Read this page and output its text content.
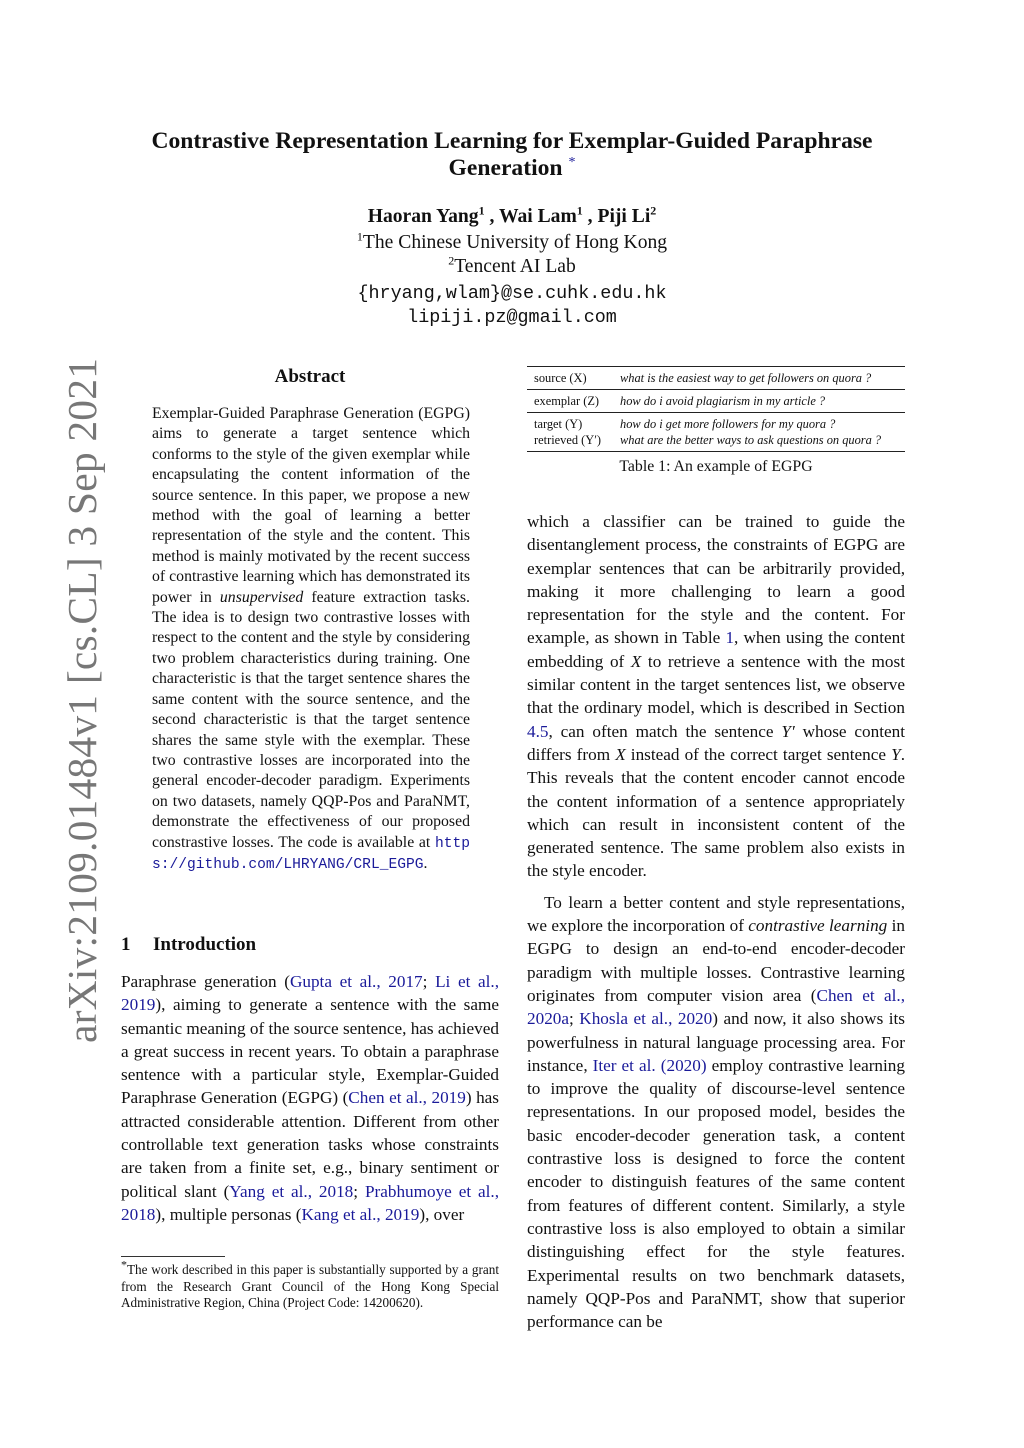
arXiv:2109.01484v1 [cs.CL] 3 Sep 2021
Contrastive Representation Learning for Exemplar-Guided Paraphrase
Generation *
Haoran Yang$^1$ , Wai Lam$^1$ , Piji Li$^2$
$^1$The Chinese University of Hong Kong
$^2$Tencent AI Lab
{hryang,wlam}@se.cuhk.edu.hk
lipiji.pz@gmail.com
Abstract
Exemplar-Guided Paraphrase Generation (EGPG) aims to generate a target sentence which conforms to the style of the given exemplar while encapsulating the content information of the source sentence. In this paper, we propose a new method with the goal of learning a better representation of the style and the content. This method is mainly motivated by the recent success of contrastive learning which has demonstrated its power in unsupervised feature extraction tasks. The idea is to design two contrastive losses with respect to the content and the style by considering two problem characteristics during training. One characteristic is that the target sentence shares the same content with the source sentence, and the second characteristic is that the target sentence shares the same style with the exemplar. These two contrastive losses are incorporated into the general encoder-decoder paradigm. Experiments on two datasets, namely QQP-Pos and ParaNMT, demonstrate the effectiveness of our proposed constrastive losses. The code is available at https://github.com/LHRYANG/CRL_EGPG.
1 Introduction
Paraphrase generation (Gupta et al., 2017; Li et al., 2019), aiming to generate a sentence with the same semantic meaning of the source sentence, has achieved a great success in recent years. To obtain a paraphrase sentence with a particular style, Exemplar-Guided Paraphrase Generation (EGPG) (Chen et al., 2019) has attracted considerable attention. Different from other controllable text generation tasks whose constraints are taken from a finite set, e.g., binary sentiment or political slant (Yang et al., 2018; Prabhumoye et al., 2018), multiple personas (Kang et al., 2019), over
*The work described in this paper is substantially supported by a grant from the Research Grant Council of the Hong Kong Special Administrative Region, China (Project Code: 14200620).
source (X)	what is the easiest way to get followers on quora ?
exemplar (Z) how do i avoid plagiarism in my article ?
target (Y)	how do i get more followers for my quora ?
retrieved (Y′) what are the better ways to ask questions on quora ?
Table 1: An example of EGPG

which a classifier can be trained to guide the disentanglement process, the constraints of EGPG are exemplar sentences that can be arbitrarily provided, making it more challenging to learn a good representation for the style and the content. For example, as shown in Table 1, when using the content embedding of X to retrieve a sentence with the most similar content in the target sentences list, we observe that the ordinary model, which is described in Section 4.5, can often match the sentence Y′ whose content differs from X instead of the correct target sentence Y. This reveals that the content encoder cannot encode the content information of a sentence appropriately which can result in inconsistent content of the generated sentence. The same problem also exists in the style encoder.

To learn a better content and style representations, we explore the incorporation of contrastive learning in EGPG to design an end-to-end encoder-decoder paradigm with multiple losses. Contrastive learning originates from computer vision area (Chen et al., 2020a; Khosla et al., 2020) and now, it also shows its powerfulness in natural language processing area. For instance, Iter et al. (2020) employ contrastive learning to improve the quality of discourse-level sentence representations. In our proposed model, besides the basic encoder-decoder generation task, a content contrastive loss is designed to force the content encoder to distinguish features of the same content from features of different content. Similarly, a style contrastive loss is also employed to obtain a similar distinguishing effect for the style features. Experimental results on two benchmark datasets, namely QQP-Pos and ParaNMT, show that superior performance can be
